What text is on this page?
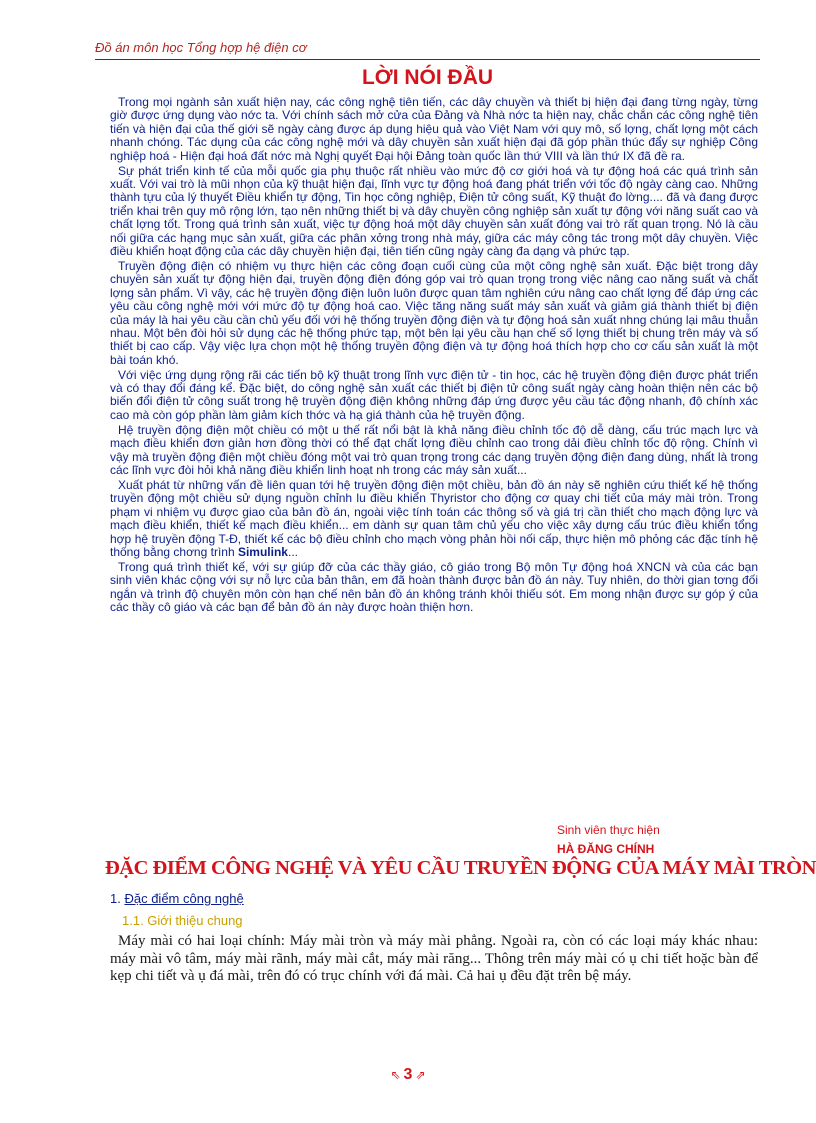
Đồ án môn học Tổng hợp hệ điện cơ
LỜI NÓI ĐẦU

Trong mọi ngành sản xuất hiện nay, các công nghệ tiên tiến, các dây chuyền và thiết bị hiện đại đang từng ngày, từng giờ được ứng dụng vào nớc ta. Với chính sách mở cửa của Đảng và Nhà nớc ta hiện nay, chắc chắn các công nghệ tiên tiến và hiện đại của thế giới sẽ ngày càng được áp dụng hiệu quả vào Việt Nam với quy mô, số lợng, chất lợng một cách nhanh chóng. Tác dụng của các công nghệ mới và dây chuyền sản xuất hiện đại đã góp phần thúc đẩy sự nghiệp Công nghiệp hoá - Hiện đại hoá đất nớc mà Nghị quyết Đại hội Đảng toàn quốc lần thứ VIII và lần thứ IX đã đề ra.

Sự phát triển kinh tế của mỗi quốc gia phụ thuộc rất nhiều vào mức độ cơ giới hoá và tự động hoá các quá trình sản xuất. Với vai trò là mũi nhọn của kỹ thuật hiện đại, lĩnh vực tự động hoá đang phát triển với tốc độ ngày càng cao. Những thành tựu của lý thuyết Điều khiển tự động, Tin học công nghiệp, Điện tử công suất, Kỹ thuật đo lờng.... đã và đang được triển khai trên quy mô rộng lớn, tạo nên những thiết bị và dây chuyền công nghiệp sản xuất tự động với năng suất cao và chất lợng tốt. Trong quá trình sản xuất, việc tự động hoá một dây chuyền sản xuất đóng vai trò rất quan trọng. Nó là cầu nối giữa các hạng mục sản xuất, giữa các phân xởng trong nhà máy, giữa các máy công tác trong một dây chuyền. Việc điều khiển hoạt động của các dây chuyền hiện đại, tiên tiến cũng ngày càng đa dạng và phức tạp.

Truyền động điện có nhiệm vụ thực hiện các công đoạn cuối cùng của một công nghệ sản xuất. Đặc biệt trong dây chuyền sản xuất tự động hiện đại, truyền động điện đóng góp vai trò quan trọng trong việc nâng cao năng suất và chất lợng sản phẩm. Vì vậy, các hệ truyền động điện luôn luôn được quan tâm nghiên cứu nâng cao chất lợng để đáp ứng các yêu cầu công nghệ mới với mức độ tự động hoá cao. Việc tăng năng suất máy sản xuất và giảm giá thành thiết bị điện của máy là hai yêu cầu cần chủ yếu đối với hệ thống truyền động điện và tự động hoá sản xuất nhng chúng lại mâu thuẫn nhau. Một bên đòi hỏi sử dụng các hệ thống phức tạp, một bên lại yêu cầu hạn chế số lợng thiết bị chung trên máy và số thiết bị cao cấp. Vậy việc lựa chọn một hệ thống truyền động điện và tự động hoá thích hợp cho cơ cấu sản xuất là một bài toán khó.

Với việc ứng dụng rộng rãi các tiến bộ kỹ thuật trong lĩnh vực điện tử - tin học, các hệ truyền động điện được phát triển và có thay đổi đáng kể. Đặc biệt, do công nghệ sản xuất các thiết bị điện tử công suất ngày càng hoàn thiện nên các bộ biến đổi điện tử công suất trong hệ truyền động điện không những đáp ứng được yêu cầu tác động nhanh, độ chính xác cao mà còn góp phần làm giảm kích thớc và hạ giá thành của hệ truyền động.

Hệ truyền động điện một chiều có một u thế rất nổi bật là khả năng điều chỉnh tốc độ dễ dàng, cấu trúc mạch lực và mạch điều khiển đơn giản hơn đồng thời có thể đạt chất lợng điều chỉnh cao trong dải điều chỉnh tốc độ rộng. Chính vì vậy mà truyền động điện một chiều đóng một vai trò quan trọng trong các dạng truyền động điện đang dùng, nhất là trong các lĩnh vực đòi hỏi khả năng điều khiển linh hoạt nh trong các máy sản xuất...

Xuất phát từ những vấn đề liên quan tới hệ truyền động điện một chiều, bản đồ án này sẽ nghiên cứu thiết kế hệ thống truyền động một chiều sử dụng nguồn chỉnh lu điều khiển Thyristor cho động cơ quay chi tiết của máy mài tròn. Trong phạm vi nhiệm vụ được giao của bản đồ án, ngoài việc tính toán các thông số và giá trị cần thiết cho mạch động lực và mạch điều khiển, thiết kế mạch điều khiển... em dành sự quan tâm chủ yếu cho việc xây dựng cấu trúc điều khiển tổng hợp hệ truyền động T-Đ, thiết kế các bộ điều chỉnh cho mạch vòng phản hồi nối cấp, thực hiện mô phỏng các đặc tính hệ thống bằng chơng trình Simulink...

Trong quá trình thiết kế, với sự giúp đỡ của các thầy giáo, cô giáo trong Bộ môn Tự động hoá XNCN và của các bạn sinh viên khác cộng với sự nỗ lực của bản thân, em đã hoàn thành được bản đồ án này. Tuy nhiên, do thời gian tơng đối ngắn và trình độ chuyên môn còn hạn chế nên bản đồ án không tránh khỏi thiếu sót. Em mong nhận được sự góp ý của các thầy cô giáo và các bạn để bản đồ án này được hoàn thiện hơn.

Sinh viên thực hiện
HÀ ĐĂNG CHÍNH
ĐẶC ĐIỂM CÔNG NGHỆ VÀ YÊU CẦU TRUYỀN ĐỘNG CỦA MÁY MÀI TRÒN
1. Đặc điểm công nghệ
1.1. Giới thiệu chung

Máy mài có hai loại chính: Máy mài tròn và máy mài phẳng. Ngoài ra, còn có các loại máy khác nhau: máy mài vô tâm, máy mài rãnh, máy mài cắt, máy mài răng... Thông trên máy mài có ụ chi tiết hoặc bàn để kẹp chi tiết và ụ đá mài, trên đó có trục chính với đá mài. Cả hai ụ đều đặt trên bệ máy.

⇖ 3 ⇗
